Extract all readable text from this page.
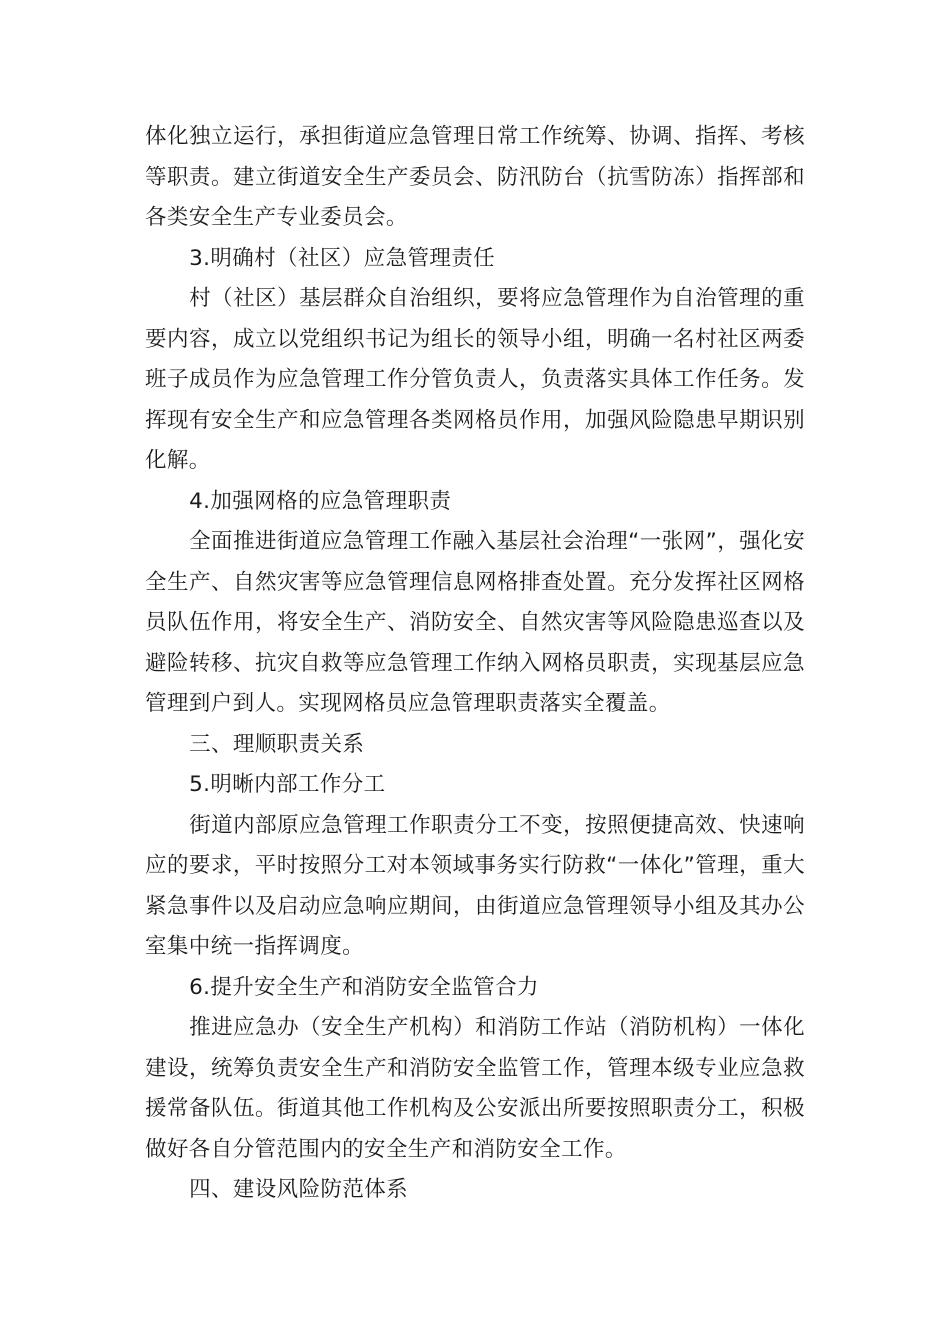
体化独立运行，承担街道应急管理日常工作统筹、协调、指挥、考核等职责。建立街道安全生产委员会、防汛防台（抗雪防冻）指挥部和各类安全生产专业委员会。

3.明确村（社区）应急管理责任

村（社区）基层群众自治组织，要将应急管理作为自治管理的重要内容，成立以党组织书记为组长的领导小组，明确一名村社区两委班子成员作为应急管理工作分管负责人，负责落实具体工作任务。发挥现有安全生产和应急管理各类网格员作用，加强风险隐患早期识别化解。

4.加强网格的应急管理职责

全面推进街道应急管理工作融入基层社会治理“一张网”，强化安全生产、自然灾害等应急管理信息网格排查处置。充分发挥社区网格员队伍作用，将安全生产、消防安全、自然灾害等风险隐患巡查以及避险转移、抗灾自救等应急管理工作纳入网格员职责，实现基层应急管理到户到人。实现网格员应急管理职责落实全覆盖。

三、理顺职责关系

5.明晰内部工作分工

街道内部原应急管理工作职责分工不变，按照便捷高效、快速响应的要求，平时按照分工对本领域事务实行防救“一体化”管理，重大紧急事件以及启动应急响应期间，由街道应急管理领导小组及其办公室集中统一指挥调度。

6.提升安全生产和消防安全监管合力

推进应急办（安全生产机构）和消防工作站（消防机构）一体化建设，统筹负责安全生产和消防安全监管工作，管理本级专业应急救援常备队伍。街道其他工作机构及公安派出所要按照职责分工，积极做好各自分管范围内的安全生产和消防安全工作。

四、建设风险防范体系
